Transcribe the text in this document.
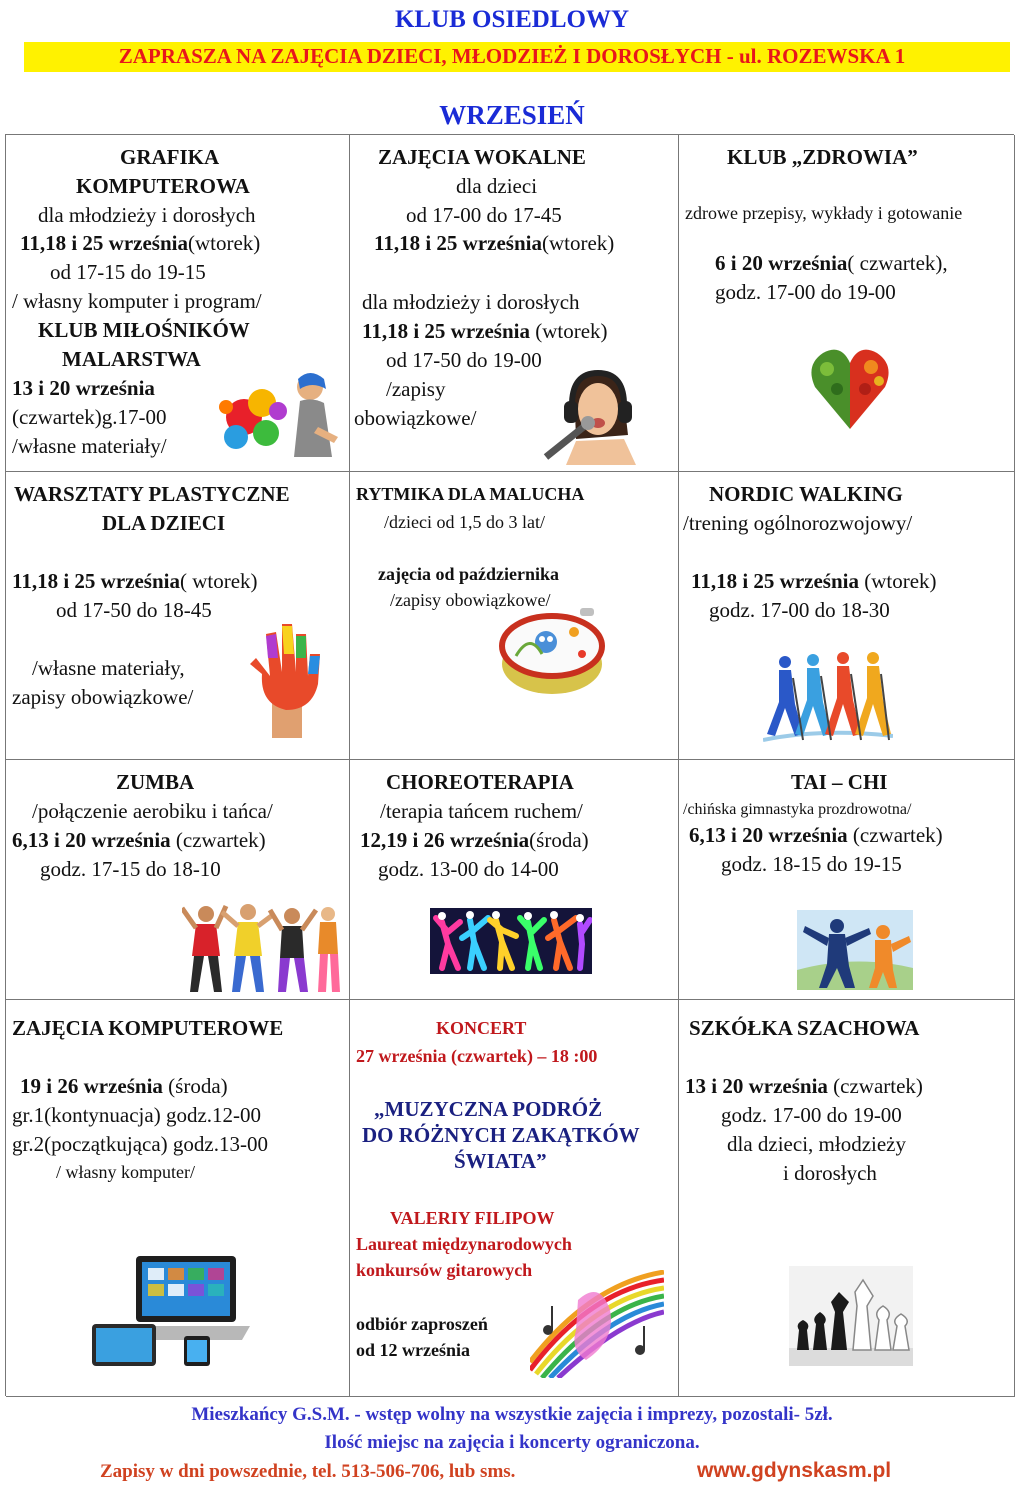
KLUB OSIEDLOWY
ZAPRASZA NA ZAJĘCIA DZIECI, MŁODZIEŻ I DOROSŁYCH - ul. ROZEWSKA 1
WRZESIEŃ
GRAFIKA
KOMPUTEROWA
dla młodzieży i dorosłych
11,18 i 25 września(wtorek)
od 17-15 do 19-15
/ własny komputer i program/
KLUB MIŁOŚNIKÓW
MALARSTWA
13 i 20 września
(czwartek)g.17-00
/własne materiały/
ZAJĘCIA WOKALNE
dla dzieci
od 17-00 do 17-45
11,18 i 25 września(wtorek)
dla młodzieży i dorosłych
11,18 i 25 września (wtorek)
od 17-50 do 19-00
/zapisy
obowiązkowe/
KLUB „ZDROWIA”
zdrowe przepisy, wykłady i gotowanie
6 i 20 września( czwartek),
godz. 17-00 do 19-00
WARSZTATY PLASTYCZNE
DLA DZIECI
11,18 i 25 września( wtorek)
od 17-50 do 18-45
/własne materiały,
zapisy obowiązkowe/
RYTMIKA DLA MALUCHA
/dzieci od 1,5 do 3 lat/
zajęcia od października
/zapisy obowiązkowe/
NORDIC WALKING
/trening ogólnorozwojowy/
11,18 i 25 września (wtorek)
godz. 17-00 do 18-30
ZUMBA
/połączenie aerobiku i tańca/
6,13 i 20 września (czwartek)
godz. 17-15 do 18-10
CHOREOTERAPIA
/terapia tańcem ruchem/
12,19 i 26 września(środa)
godz. 13-00 do 14-00
TAI – CHI
/chińska gimnastyka prozdrowotna/
6,13 i 20 września (czwartek)
godz. 18-15 do 19-15
ZAJĘCIA KOMPUTEROWE
19 i 26 września (środa)
gr.1(kontynuacja) godz.12-00
gr.2(początkująca) godz.13-00
/ własny komputer/
KONCERT
27 września (czwartek) – 18 :00
„MUZYCZNA PODRÓŻ
DO RÓŻNYCH ZAKĄTKÓW
ŚWIATA”
VALERIY FILIPOW
Laureat międzynarodowych
konkursów gitarowych
odbiór zaproszeń
od 12 września
SZKÓŁKA SZACHOWA
13 i 20 września (czwartek)
godz. 17-00 do 19-00
dla dzieci, młodzieży
i dorosłych
Mieszkańcy G.S.M. - wstęp wolny na wszystkie zajęcia i imprezy, pozostali- 5zł.
Ilość miejsc na zajęcia i koncerty ograniczona.
Zapisy w dni powszednie, tel. 513-506-706, lub sms.	www.gdynskasm.pl
